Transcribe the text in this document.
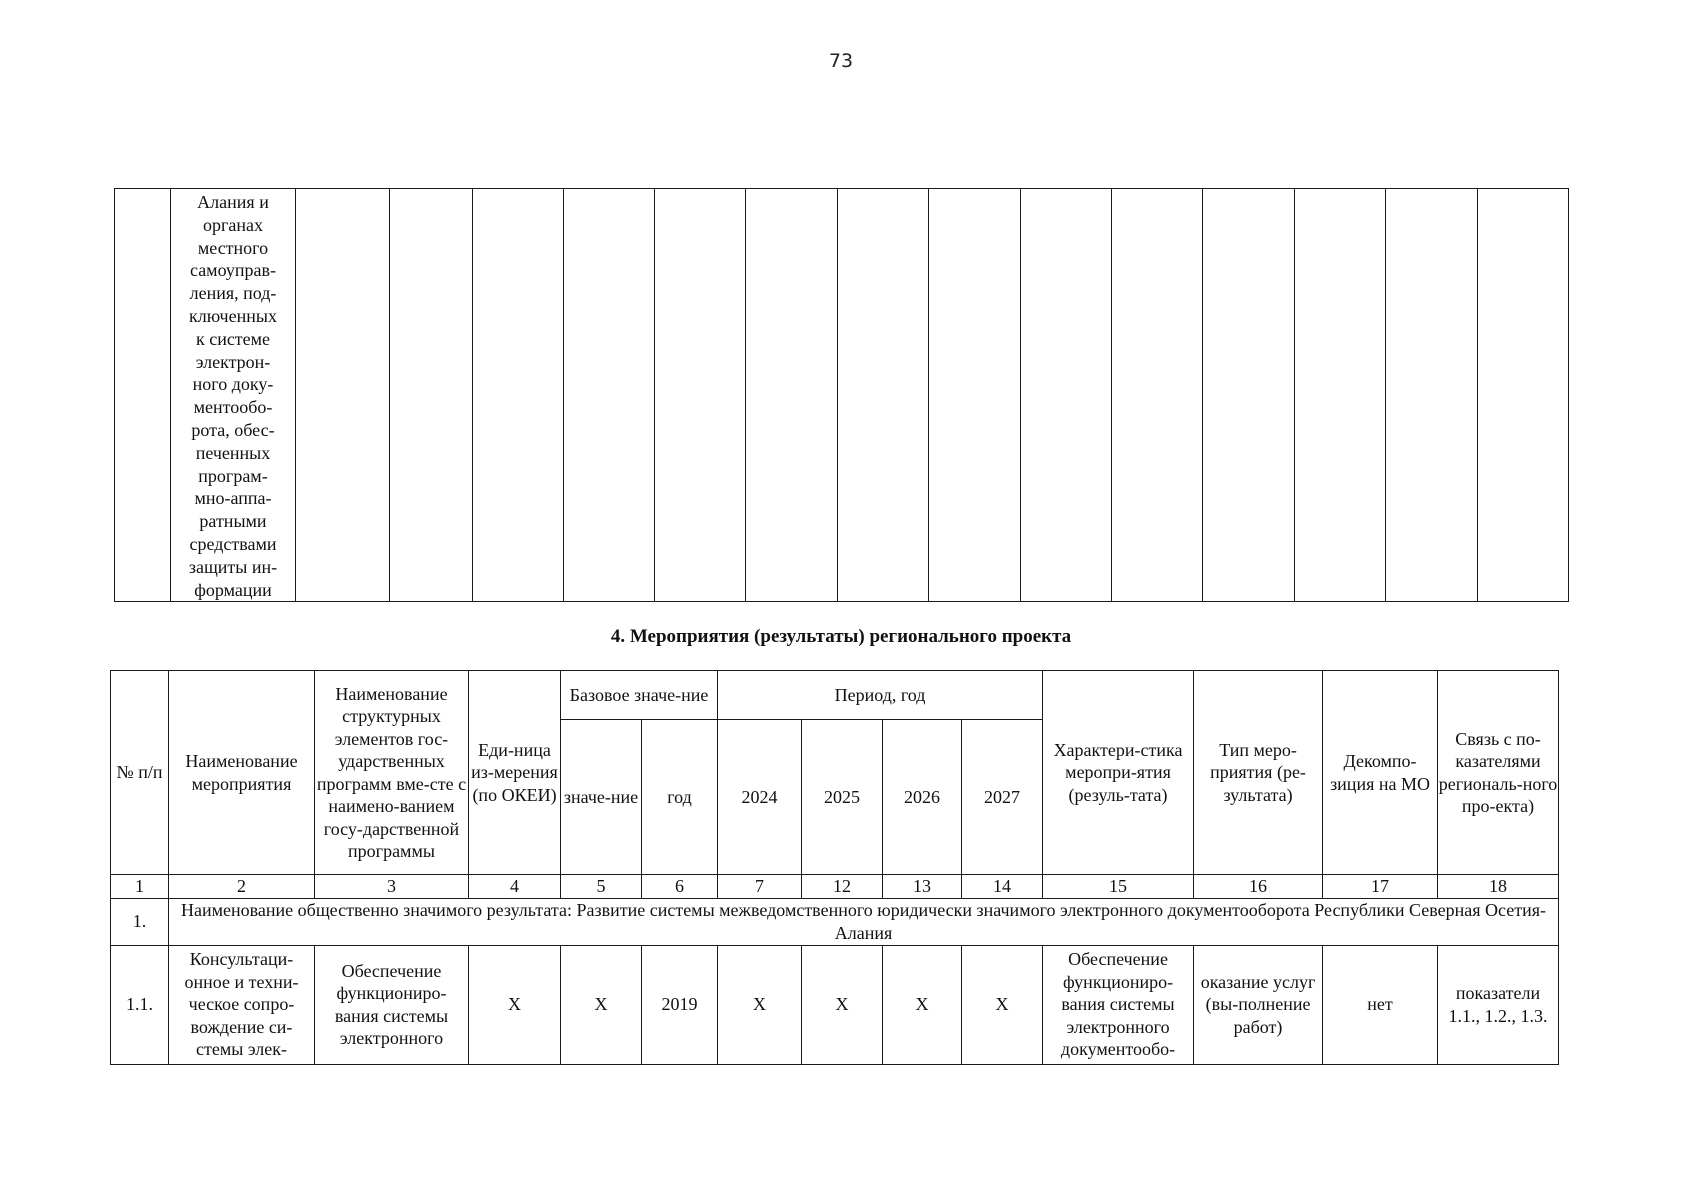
73

Алания и
органах
местного
самоуправ-
ления, под-
ключенных
к системе
электрон-
ного доку-
ментообо-
рота, обес-
печенных
програм-
мно-аппа-
ратными
средствами
защиты ин-
формации

4. Мероприятия (результаты) регионального проекта
№ п/п	Наименование мероприятия	Наименование структурных элементов гос-ударственных программ вме-сте с наимено-ванием госу-дарственной программы	Еди-ница из-мерения (по ОКЕИ)	Базовое значе-ние		Период, год				Характери-стика меропри-ятия (резуль-тата)	Тип меро-приятия (ре-зультата)	Декомпо-зиция на МО	Связь с по-казателями региональ-ного про-екта)
				значе-ние	год	2024	2025	2026	2027				
1	2	3	4	5	6	7	12	13	14	15	16	17	18
1.	Наименование общественно значимого результата: Развитие системы межведомственного юридически значимого электронного документооборота Республики Северная Осетия-Алания												
1.1.	Консультаци-онное и техни-ческое сопро-вождение си-стемы элек-	Обеспечение функциониро-вания системы электронного	X	X	2019	X	X	X	X	Обеспечение функциониро-вания системы электронного документообо-	оказание услуг (вы-полнение работ)	нет	показатели 1.1., 1.2., 1.3.
